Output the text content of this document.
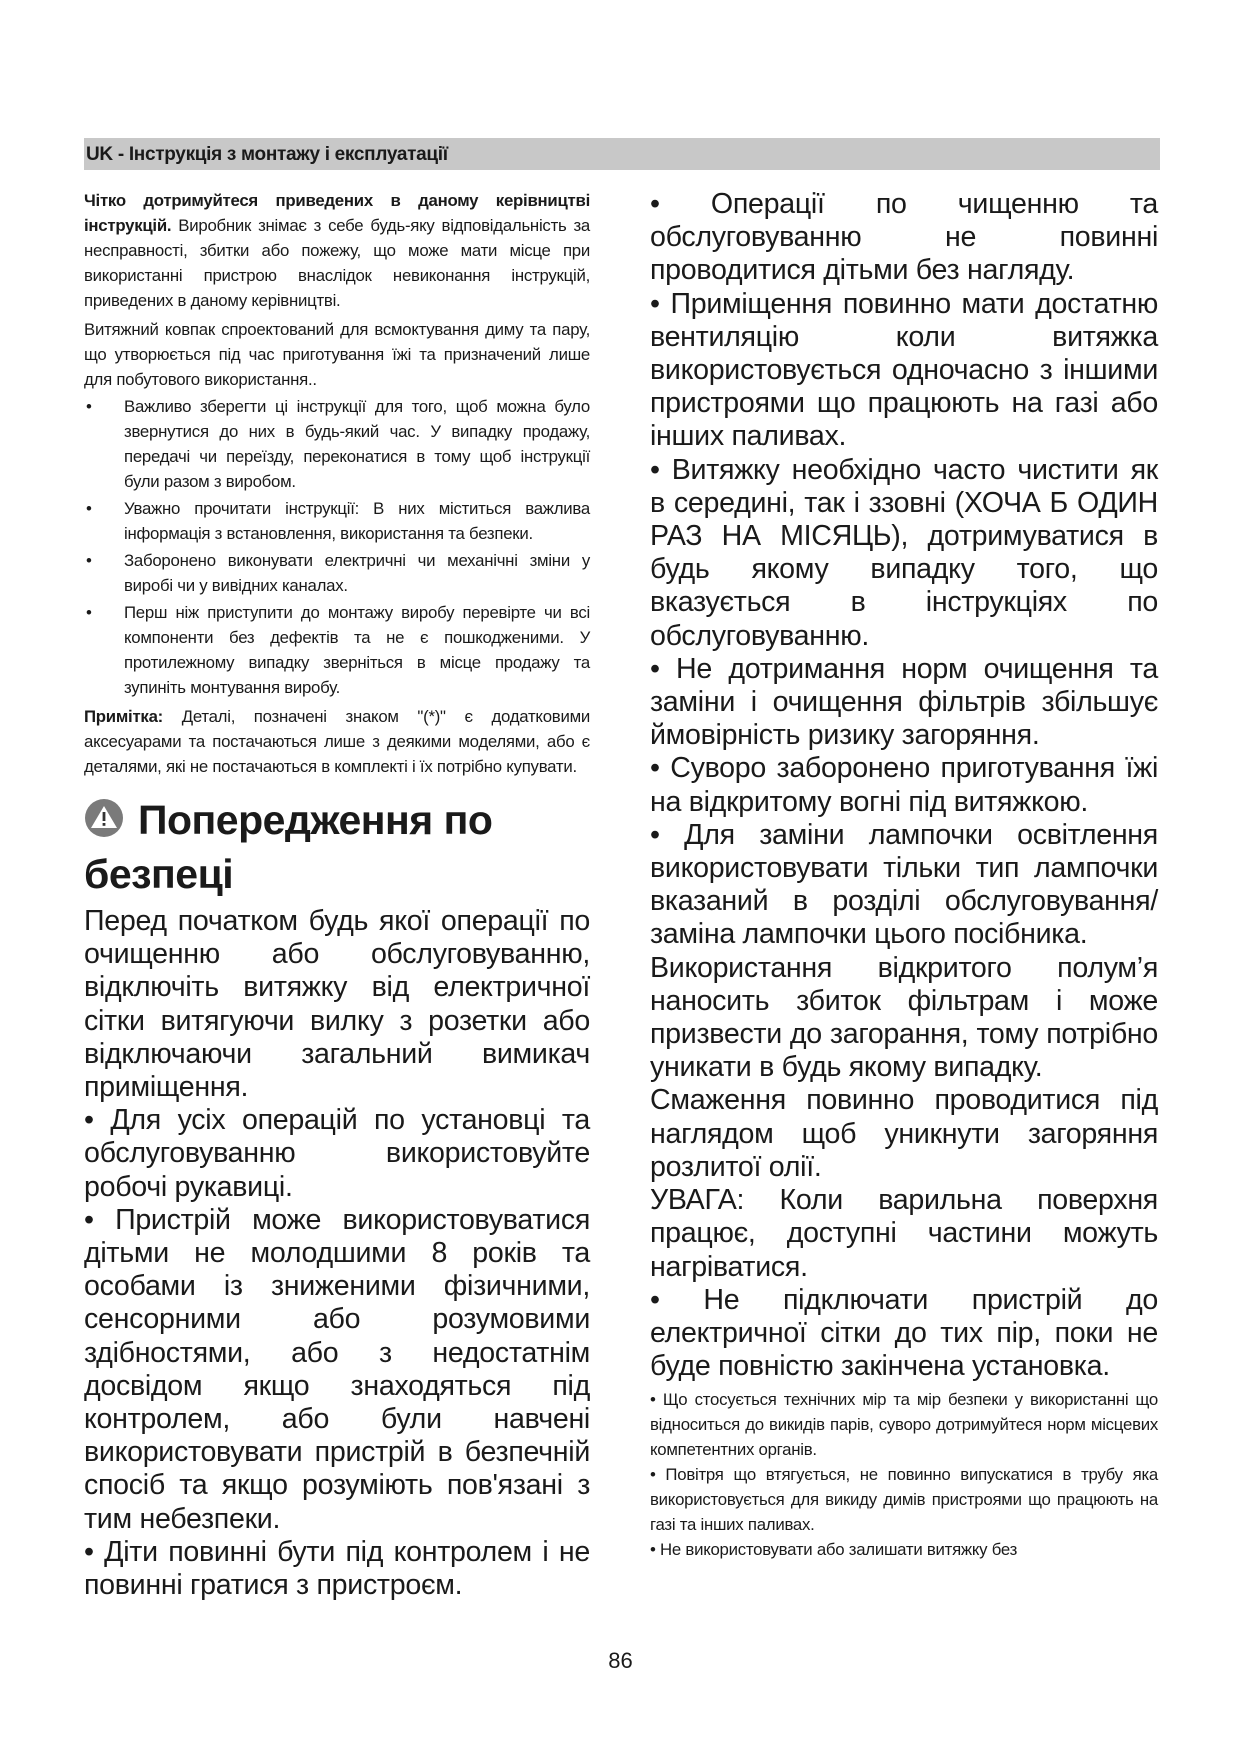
UK - Інструкція з монтажу і експлуатації

Чітко дотримуйтеся приведених в даному керівництві інструкцій. Виробник знімає з себе будь-яку відповідальність за несправності, збитки або пожежу, що може мати місце при використанні пристрою внаслідок невиконання інструкцій, приведених в даному керівництві.

Витяжний ковпак спроектований для всмоктування диму та пару, що утворюється під час приготування їжі та призначений лише для побутового використання..

• Важливо зберегти ці інструкції для того, щоб можна було звернутися до них в будь-який час. У випадку продажу, передачі чи переїзду, переконатися в тому щоб інструкції були разом з виробом.
• Уважно прочитати інструкції: В них міститься важлива інформація з встановлення, використання та безпеки.
• Заборонено виконувати електричні чи механічні зміни у виробі чи у вивідних каналах.
• Перш ніж приступити до монтажу виробу перевірте чи всі компоненти без дефектів та не є пошкодженими. У протилежному випадку зверніться в місце продажу та зупиніть монтування виробу.

Примітка: Деталі, позначені знаком "(*)" є додатковими аксесуарами та постачаються лише з деякими моделями, або є деталями, які не постачаються в комплекті і їх потрібно купувати.

Попередження по
безпеці

Перед початком будь якої операції по очищенню або обслуговуванню, відключіть витяжку від електричної сітки витягуючи вилку з розетки або відключаючи загальний вимикач приміщення.

• Для усіх операцій по установці та обслуговуванню використовуйте робочі рукавиці.

• Пристрій може використовуватися дітьми не молодшими 8 років та особами із зниженими фізичними, сенсорними або розумовими здібностями, або з недостатнім досвідом якщо знаходяться під контролем, або були навчені використовувати пристрій в безпечній спосіб та якщо розуміють пов'язані з тим небезпеки.

• Діти повинні бути під контролем і не повинні гратися з пристроєм.

• Операції по чищенню та обслуговуванню не повинні проводитися дітьми без нагляду.

• Приміщення повинно мати достатню вентиляцію коли витяжка використовується одночасно з іншими пристроями що працюють на газі або інших паливах.

• Витяжку необхідно часто чистити як в середині, так і ззовні (ХОЧА Б ОДИН РАЗ НА МІСЯЦЬ), дотримуватися в будь якому випадку того, що вказується в інструкціях по обслуговуванню.

• Не дотримання норм очищення та заміни і очищення фільтрів збільшує ймовірність ризику загоряння.

• Суворо заборонено приготування їжі на відкритому вогні під витяжкою.

• Для заміни лампочки освітлення використовувати тільки тип лампочки вказаний в розділі обслуговування/заміна лампочки цього посібника.

Використання відкритого полум’я наносить збиток фільтрам і може призвести до загорання, тому потрібно уникати в будь якому випадку.

Смаження повинно проводитися під наглядом щоб уникнути загоряння розлитої олії.

УВАГА: Коли варильна поверхня працює, доступні частини можуть нагріватися.

• Не підключати пристрій до електричної сітки до тих пір, поки не буде повністю закінчена установка.

• Що стосується технічних мір та мір безпеки у використанні що відноситься до викидів парів, суворо дотримуйтеся норм місцевих компетентних органів.

• Повітря що втягується, не повинно випускатися в трубу яка використовується для викиду димів пристроями що працюють на газі та інших паливах.

• Не використовувати або залишати витяжку без

86
